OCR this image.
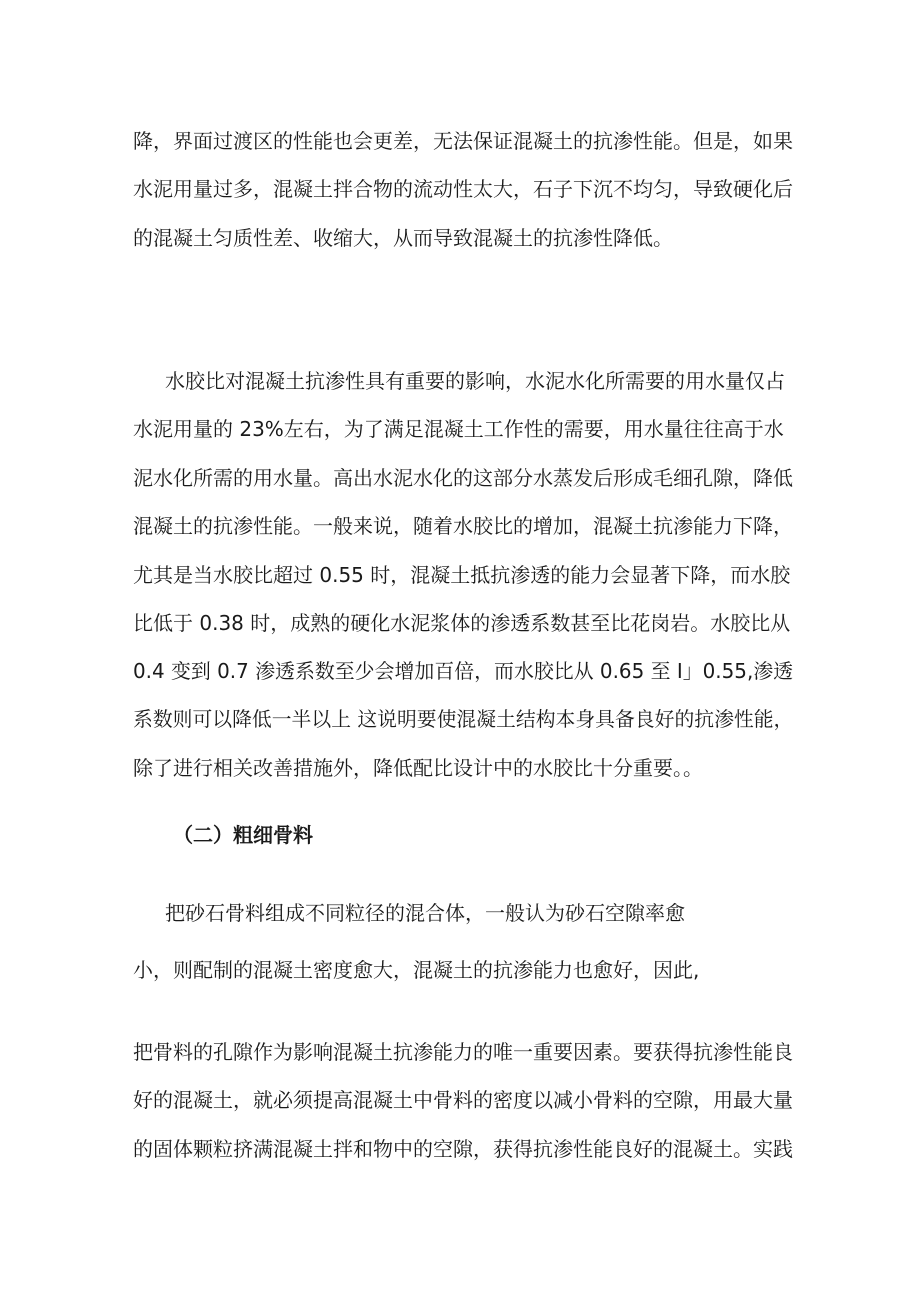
降，界面过渡区的性能也会更差，无法保证混凝土的抗渗性能。但是，如果
水泥用量过多，混凝土拌合物的流动性太大，石子下沉不均匀，导致硬化后
的混凝土匀质性差、收缩大，从而导致混凝土的抗渗性降低。
水胶比对混凝土抗渗性具有重要的影响，水泥水化所需要的用水量仅占
水泥用量的 23%左右，为了满足混凝土工作性的需要，用水量往往高于水
泥水化所需的用水量。高出水泥水化的这部分水蒸发后形成毛细孔隙，降低
混凝土的抗渗性能。一般来说，随着水胶比的增加，混凝土抗渗能力下降，
尤其是当水胶比超过 0.55 时，混凝土抵抗渗透的能力会显著下降，而水胶
比低于 0.38 时，成熟的硬化水泥浆体的渗透系数甚至比花岗岩。水胶比从
0.4 变到 0.7 渗透系数至少会增加百倍，而水胶比从 0.65 至 I」0.55,渗透
系数则可以降低一半以上 这说明要使混凝土结构本身具备良好的抗渗性能，
除了进行相关改善措施外，降低配比设计中的水胶比十分重要。。
（二）粗细骨料
把砂石骨料组成不同粒径的混合体，一般认为砂石空隙率愈
小，则配制的混凝土密度愈大，混凝土的抗渗能力也愈好，因此,
把骨料的孔隙作为影响混凝土抗渗能力的唯一重要因素。要获得抗渗性能良
好的混凝土，就必须提高混凝土中骨料的密度以减小骨料的空隙，用最大量
的固体颗粒挤满混凝土拌和物中的空隙，获得抗渗性能良好的混凝土。实践
